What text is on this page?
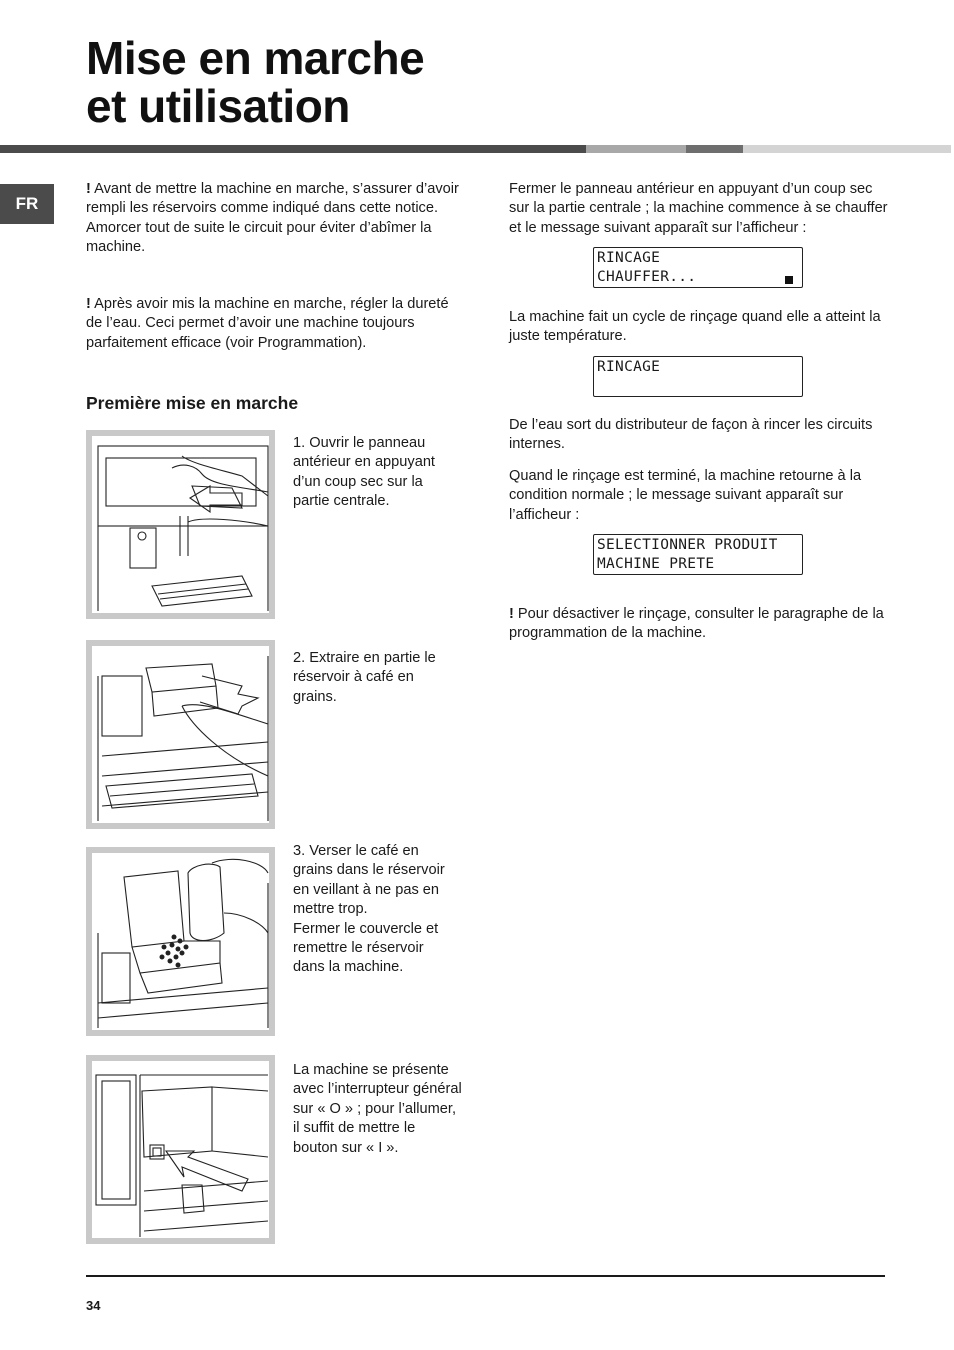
Mise en marche
et utilisation
FR
! Avant de mettre la machine en marche, s’assurer d’avoir rempli les réservoirs comme indiqué dans cette notice.
Amorcer tout de suite le circuit pour éviter d’abîmer la machine.
! Après avoir mis la machine en marche, régler la dureté de l’eau. Ceci permet d’avoir une machine toujours parfaitement efficace (voir Programmation).
Première mise en marche
1. Ouvrir le panneau antérieur en appuyant d’un coup sec sur la partie centrale.
2. Extraire en partie le réservoir à café en grains.
3. Verser le café en grains dans le réservoir en veillant à ne pas en mettre trop.
Fermer le couvercle et remettre le réservoir dans la machine.
La machine se présente avec l’interrupteur général sur « O » ; pour l’allumer, il suffit de mettre le bouton sur « I ».
Fermer le panneau antérieur en appuyant d’un coup sec sur la partie centrale ; la machine commence à se chauffer et le message suivant apparaît sur l’afficheur :
RINCAGE
CHAUFFER...
La machine fait un cycle de rinçage quand elle a atteint la juste température.
RINCAGE
De l’eau sort du distributeur de façon à rincer les circuits internes.
Quand le rinçage est terminé, la machine retourne à la condition normale ; le message suivant apparaît sur l’afficheur :
SELECTIONNER PRODUIT
MACHINE PRETE
! Pour désactiver le rinçage, consulter le paragraphe de la programmation de la machine.
34
